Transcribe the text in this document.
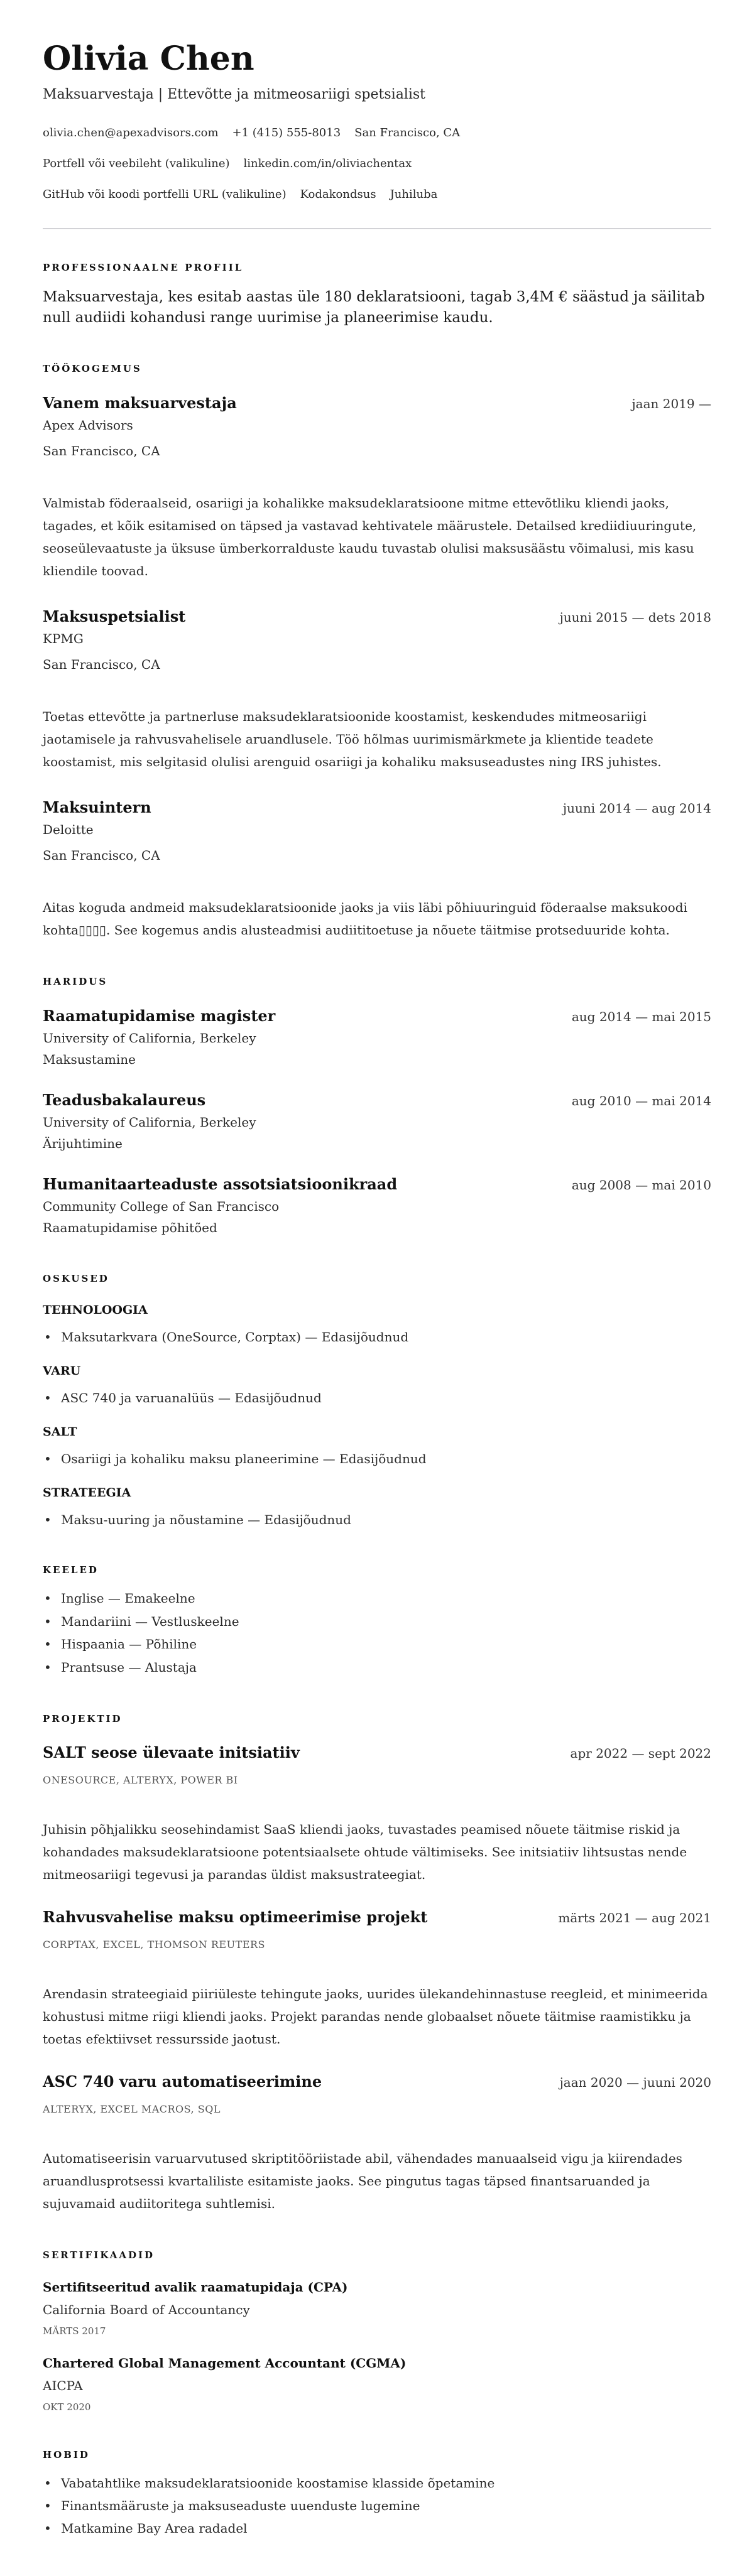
Olivia Chen
Maksuarvestaja | Ettevõtte ja mitmeosariigi spetsialist
olivia.chen@apexadvisors.com +1 (415) 555-8013 San Francisco, CA
Portfell või veebileht (valikuline) linkedin.com/in/oliviachentax
GitHub või koodi portfelli URL (valikuline) Kodakondsus Juhiluba
PROFESSIONAALNE PROFIIL
Maksuarvestaja, kes esitab aastas üle 180 deklaratsiooni, tagab 3,4M € säästud ja säilitab null audiidi kohandusi range uurimise ja planeerimise kaudu.
TÖÖKOGEMUS
Vanem maksuarvestaja	jaan 2019 —
Apex Advisors
San Francisco, CA
Valmistab föderaalseid, osariigi ja kohalikke maksudeklaratsioone mitme ettevõtliku kliendi jaoks, tagades, et kõik esitamised on täpsed ja vastavad kehtivatele määrustele. Detailsed krediidiuuringute, seoseülevaatuste ja üksuse ümberkorralduste kaudu tuvastab olulisi maksusäästu võimalusi, mis kasu kliendile toovad.
Maksuspetsialist	juuni 2015 — dets 2018
KPMG
San Francisco, CA
Toetas ettevõtte ja partnerluse maksudeklaratsioonide koostamist, keskendudes mitmeosariigi jaotamisele ja rahvusvahelisele aruandlusele. Töö hõlmas uurimismärkmete ja klientide teadete koostamist, mis selgitasid olulisi arenguid osariigi ja kohaliku maksuseadustes ning IRS juhistes.
Maksuintern	juuni 2014 — aug 2014
Deloitte
San Francisco, CA
Aitas koguda andmeid maksudeklaratsioonide jaoks ja viis läbi põhiuuringuid föderaalse maksukoodi kohta▯▯▯▯. See kogemus andis alusteadmisi audiititoetuse ja nõuete täitmise protseduuride kohta.
HARIDUS
Raamatupidamise magister	aug 2014 — mai 2015
University of California, Berkeley
Maksustamine
Teadusbakalaureus	aug 2010 — mai 2014
University of California, Berkeley
Ärijuhtimine
Humanitaarteaduste assotsiatsioonikraad	aug 2008 — mai 2010
Community College of San Francisco
Raamatupidamise põhitõed
OSKUSED
TEHNOLOOGIA
• Maksutarkvara (OneSource, Corptax) — Edasijõudnud
VARU
• ASC 740 ja varuanalüüs — Edasijõudnud
SALT
• Osariigi ja kohaliku maksu planeerimine — Edasijõudnud
STRATEEGIA
• Maksu-uuring ja nõustamine — Edasijõudnud
KEELED
• Inglise — Emakeelne
• Mandariini — Vestluskeelne
• Hispaania — Põhiline
• Prantsuse — Alustaja
PROJEKTID
SALT seose ülevaate initsiatiiv	apr 2022 — sept 2022
ONESOURCE, ALTERYX, POWER BI
Juhisin põhjalikku seosehindamist SaaS kliendi jaoks, tuvastades peamised nõuete täitmise riskid ja kohandades maksudeklaratsioone potentsiaalsete ohtude vältimiseks. See initsiatiiv lihtsustas nende mitmeosariigi tegevusi ja parandas üldist maksustrateegiat.
Rahvusvahelise maksu optimeerimise projekt	märts 2021 — aug 2021
CORPTAX, EXCEL, THOMSON REUTERS
Arendasin strateegiaid piiriüleste tehingute jaoks, uurides ülekandehinnastuse reegleid, et minimeerida kohustusi mitme riigi kliendi jaoks. Projekt parandas nende globaalset nõuete täitmise raamistikku ja toetas efektiivset ressursside jaotust.
ASC 740 varu automatiseerimine	jaan 2020 — juuni 2020
ALTERYX, EXCEL MACROS, SQL
Automatiseerisin varuarvutused skriptitööriistade abil, vähendades manuaalseid vigu ja kiirendades aruandlusprotsessi kvartaliliste esitamiste jaoks. See pingutus tagas täpsed finantsaruanded ja sujuvamaid audiitoritega suhtlemisi.
SERTIFIKAADID
Sertifitseeritud avalik raamatupidaja (CPA)
California Board of Accountancy
MÄRTS 2017
Chartered Global Management Accountant (CGMA)
AICPA
OKT 2020
HOBID
• Vabatahtlike maksudeklaratsioonide koostamise klasside õpetamine
• Finantsmääruste ja maksuseaduste uuenduste lugemine
• Matkamine Bay Area radadel
